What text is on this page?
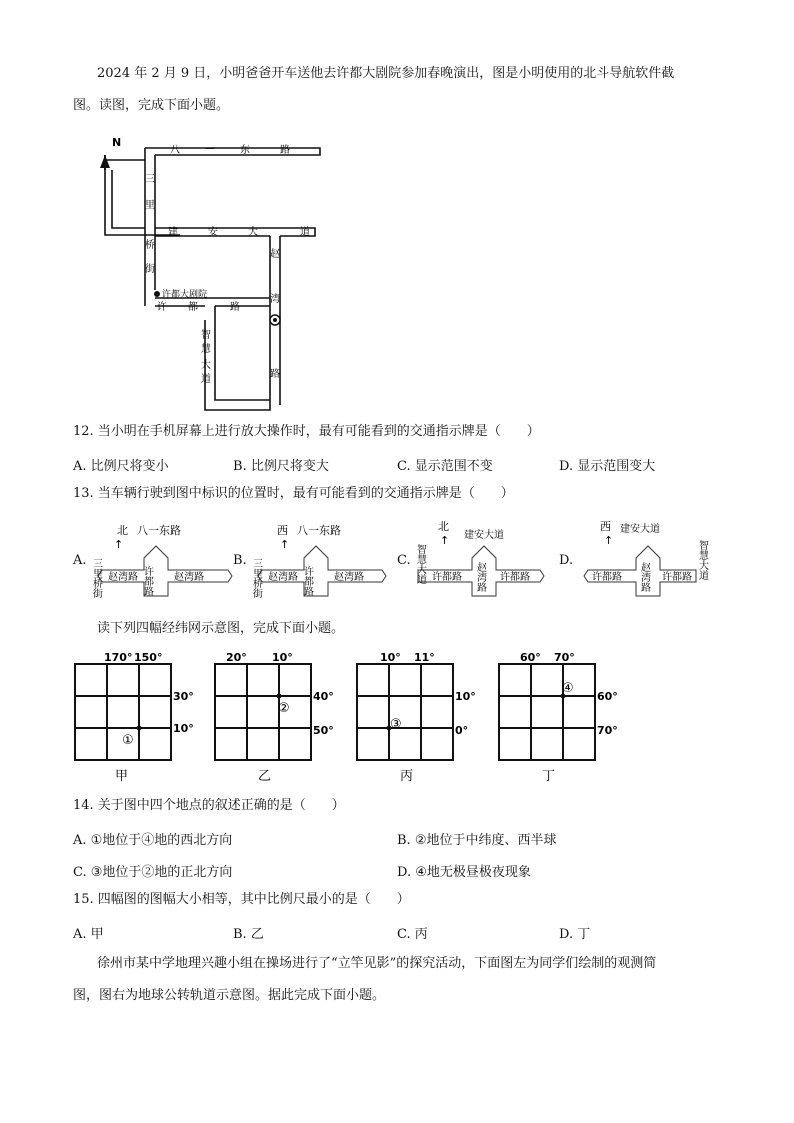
2024 年 2 月 9 日，小明爸爸开车送他去许都大剧院参加春晚演出，图是小明使用的北斗导航软件截
图。读图，完成下面小题。
N
八	一	东	路
三
里
桥
街
建	安	大	道
赵
湾
许都大剧院
许 都	路
智
慧
大
道	路
12. 当小明在手机屏幕上进行放大操作时，最有可能看到的交通指示牌是（　　）
A. 比例尺将变小	B. 比例尺将变大	C. 显示范围不变	D. 显示范围变大
13. 当车辆行驶到图中标识的位置时，最有可能看到的交通指示牌是（　　）
A.
北
↑
八一东路
三里桥街	许都路
赵湾路	赵湾路
B.
西
↑
八一东路
三里桥街	许都路
赵湾路	赵湾路
C.
北
↑ 建安大道
智慧大道	赵湾路
许都路	许都路
D.
西
↑
建安大道
智慧大道
赵湾路
许都路	许都路
读下列四幅经纬网示意图，完成下面小题。
170° 150°
30°
10°
①
甲
20° 10°
40°
50°
②
乙
10° 11°
10°
0°
③
丙
60° 70°
60°
70°
④
丁
14. 关于图中四个地点的叙述正确的是（　　）
A. ①地位于④地的西北方向	B. ②地位于中纬度、西半球
C. ③地位于②地的正北方向	D. ④地无极昼极夜现象
15. 四幅图的图幅大小相等，其中比例尺最小的是（　　）
A. 甲	B. 乙	C. 丙	D. 丁
徐州市某中学地理兴趣小组在操场进行了“立竿见影”的探究活动，下面图左为同学们绘制的观测简
图，图右为地球公转轨道示意图。据此完成下面小题。
